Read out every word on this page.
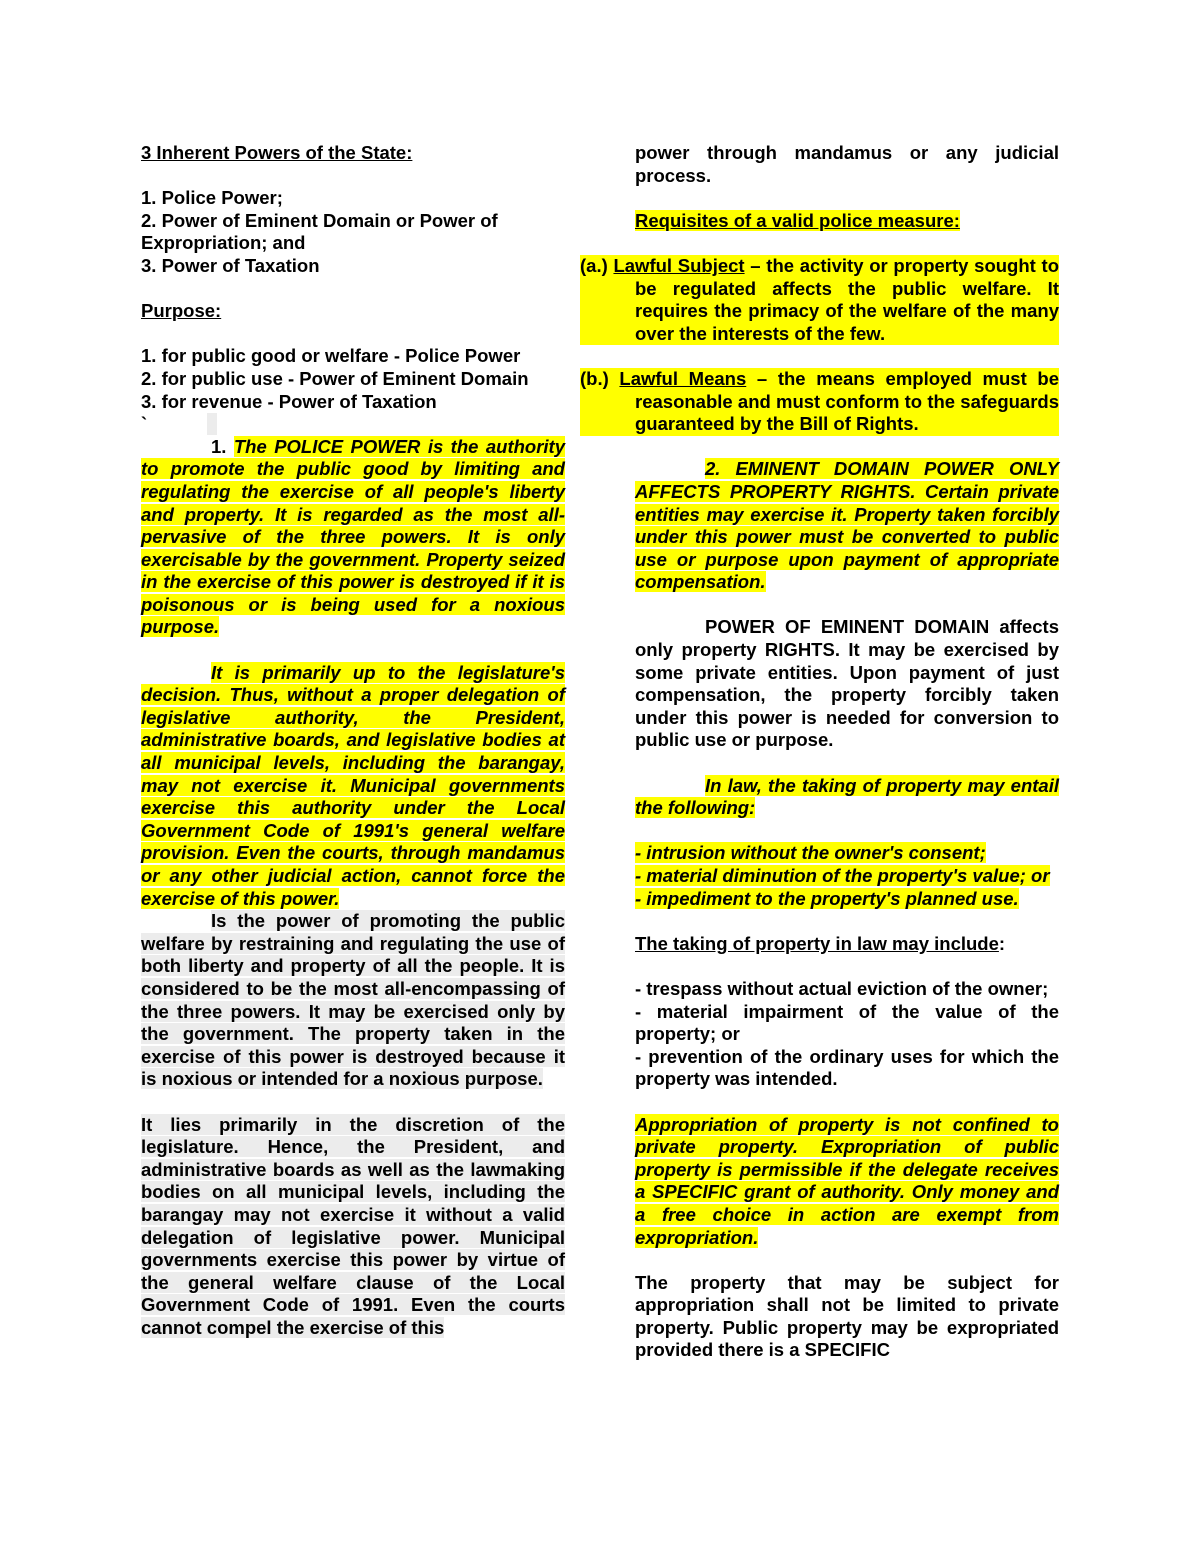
3 Inherent Powers of the State:

1. Police Power;

2. Power of Eminent Domain or Power of Expropriation; and

3. Power of Taxation

Purpose:

1. for public good or welfare - Police Power

2. for public use - Power of Eminent Domain

3. for revenue - Power of Taxation

`

1. The POLICE POWER is the authority to promote the public good by limiting and regulating the exercise of all people's liberty and property. It is regarded as the most all-pervasive of the three powers. It is only exercisable by the government. Property seized in the exercise of this power is destroyed if it is poisonous or is being used for a noxious purpose.

It is primarily up to the legislature's decision. Thus, without a proper delegation of legislative authority, the President, administrative boards, and legislative bodies at all municipal levels, including the barangay, may not exercise it. Municipal governments exercise this authority under the Local Government Code of 1991's general welfare provision. Even the courts, through mandamus or any other judicial action, cannot force the exercise of this power.

Is the power of promoting the public welfare by restraining and regulating the use of both liberty and property of all the people. It is considered to be the most all-encompassing of the three powers. It may be exercised only by the government. The property taken in the exercise of this power is destroyed because it is noxious or intended for a noxious purpose.

It lies primarily in the discretion of the legislature. Hence, the President, and administrative boards as well as the lawmaking bodies on all municipal levels, including the barangay may not exercise it without a valid delegation of legislative power. Municipal governments exercise this power by virtue of the general welfare clause of the Local Government Code of 1991. Even the courts cannot compel the exercise of this

power through mandamus or any judicial process.

Requisites of a valid police measure:

(a.) Lawful Subject – the activity or property sought to be regulated affects the public welfare. It requires the primacy of the welfare of the many over the interests of the few.

(b.) Lawful Means – the means employed must be reasonable and must conform to the safeguards guaranteed by the Bill of Rights.

2. EMINENT DOMAIN POWER ONLY AFFECTS PROPERTY RIGHTS. Certain private entities may exercise it. Property taken forcibly under this power must be converted to public use or purpose upon payment of appropriate compensation.

POWER OF EMINENT DOMAIN affects only property RIGHTS. It may be exercised by some private entities. Upon payment of just compensation, the property forcibly taken under this power is needed for conversion to public use or purpose.

In law, the taking of property may entail the following:

- intrusion without the owner's consent;

- material diminution of the property's value; or

- impediment to the property's planned use.

The taking of property in law may include:

- trespass without actual eviction of the owner;

- material impairment of the value of the property; or

- prevention of the ordinary uses for which the property was intended.

Appropriation of property is not confined to private property. Expropriation of public property is permissible if the delegate receives a SPECIFIC grant of authority. Only money and a free choice in action are exempt from expropriation.

The property that may be subject for appropriation shall not be limited to private property. Public property may be expropriated provided there is a SPECIFIC
